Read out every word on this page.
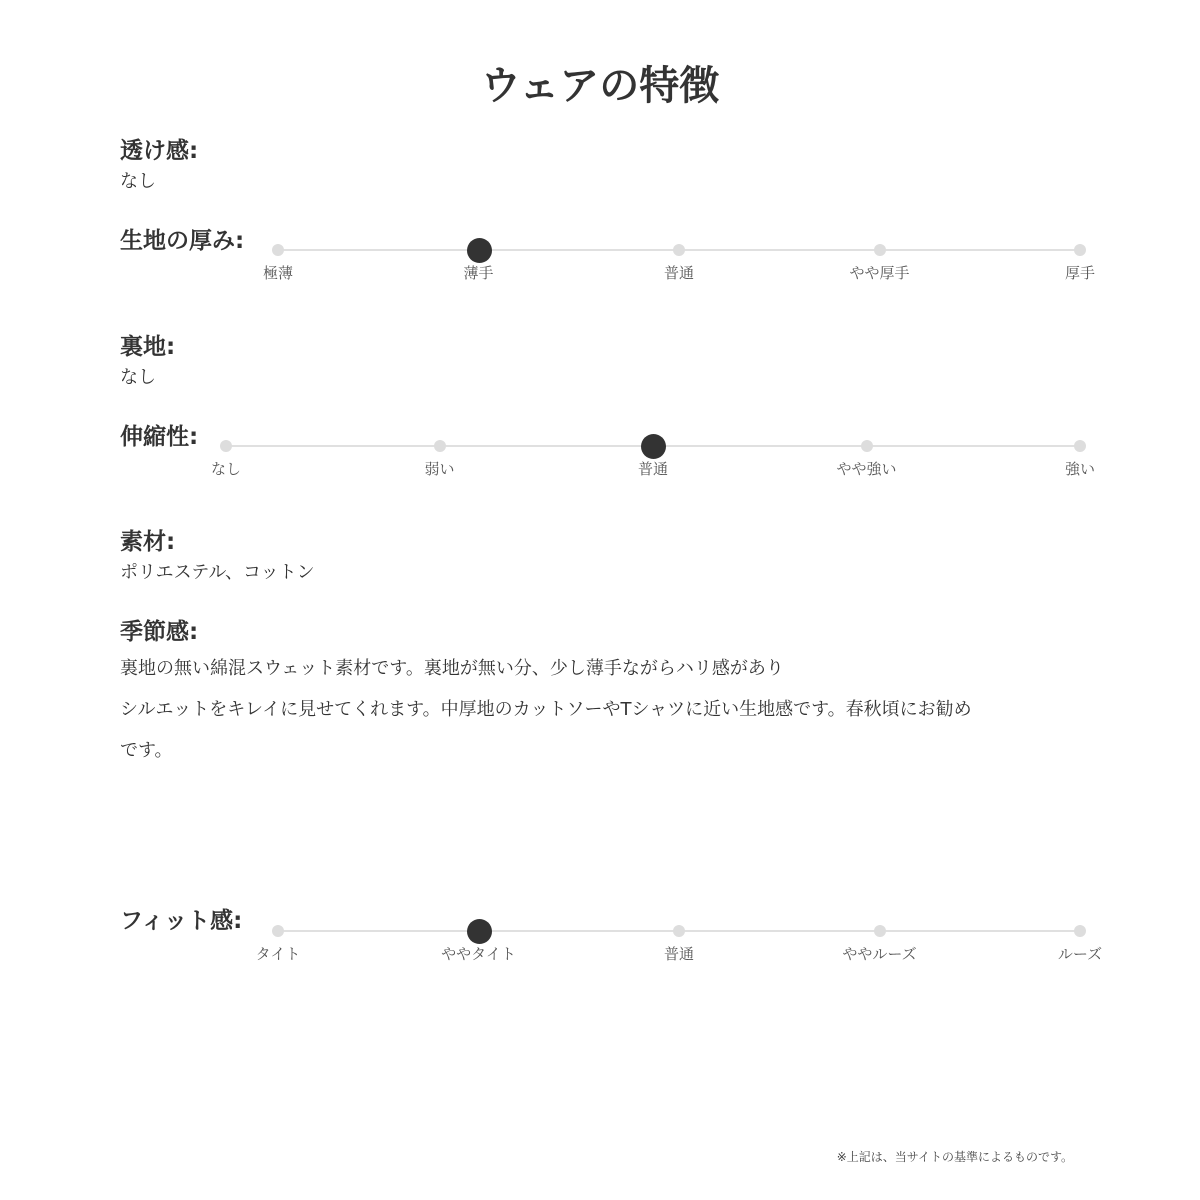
ウェアの特徴
透け感:
なし
生地の厚み:
極薄	薄手	普通	やや厚手	厚手
裏地:
なし
伸縮性:
なし	弱い	普通	やや強い	強い
素材:
ポリエステル、コットン
季節感:
裏地の無い綿混スウェット素材です。裏地が無い分、少し薄手ながらハリ感があり
シルエットをキレイに見せてくれます。中厚地のカットソーやTシャツに近い生地感です。春秋頃にお勧め
です。
フィット感:
タイト	ややタイト	普通	ややルーズ	ルーズ
※上記は、当サイトの基準によるものです。
